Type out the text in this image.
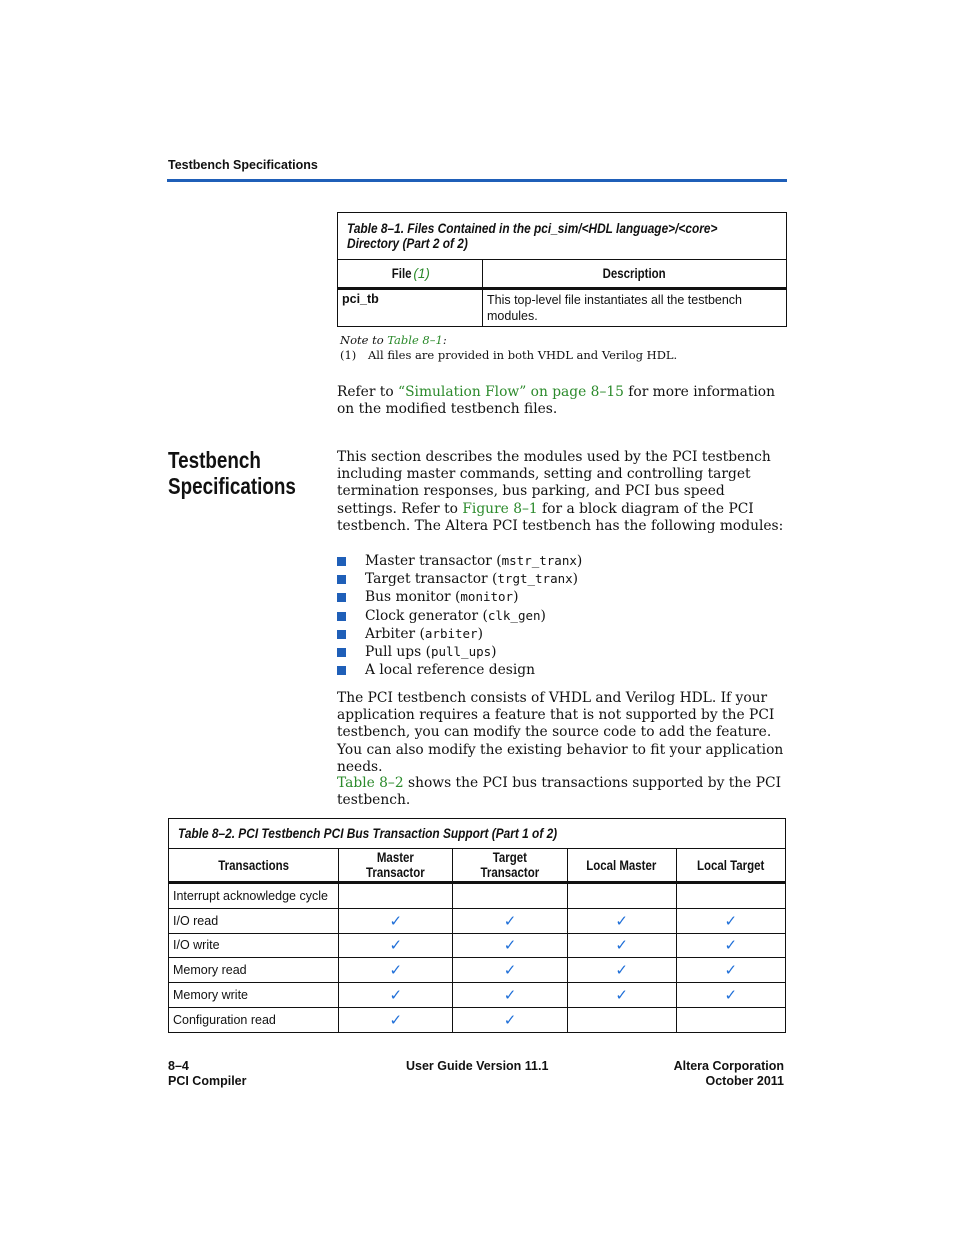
Testbench Specifications
Table 8–1. Files Contained in the pci_sim/<HDL language>/<core>
Directory (Part 2 of 2)	

File (1)	Description
pci_tb	This top-level file instantiates all the testbench modules.
Note to Table 8–1:
(1) All files are provided in both VHDL and Verilog HDL.
Refer to “Simulation Flow” on page 8–15 for more information on the modified testbench files.
Testbench
Specifications
This section describes the modules used by the PCI testbench including master commands, setting and controlling target termination responses, bus parking, and PCI bus speed settings. Refer to Figure 8–1 for a block diagram of the PCI testbench. The Altera PCI testbench has the following modules:
Master transactor (mstr_tranx)
Target transactor (trgt_tranx)
Bus monitor (monitor)
Clock generator (clk_gen)
Arbiter (arbiter)
Pull ups (pull_ups)
A local reference design
The PCI testbench consists of VHDL and Verilog HDL. If your application requires a feature that is not supported by the PCI testbench, you can modify the source code to add the feature. You can also modify the existing behavior to fit your application needs.
Table 8–2 shows the PCI bus transactions supported by the PCI testbench.
Table 8–2. PCI Testbench PCI Bus Transaction Support (Part 1 of 2)				

Transactions	Master Transactor	Target Transactor	Local Master	Local Target
Interrupt acknowledge cycle				
I/O read	✓	✓	✓	✓
I/O write	✓	✓	✓	✓
Memory read	✓	✓	✓	✓
Memory write	✓	✓	✓	✓
Configuration read	✓	✓		
8–4
PCI Compiler
User Guide Version 11.1	Altera Corporation
October 2011
